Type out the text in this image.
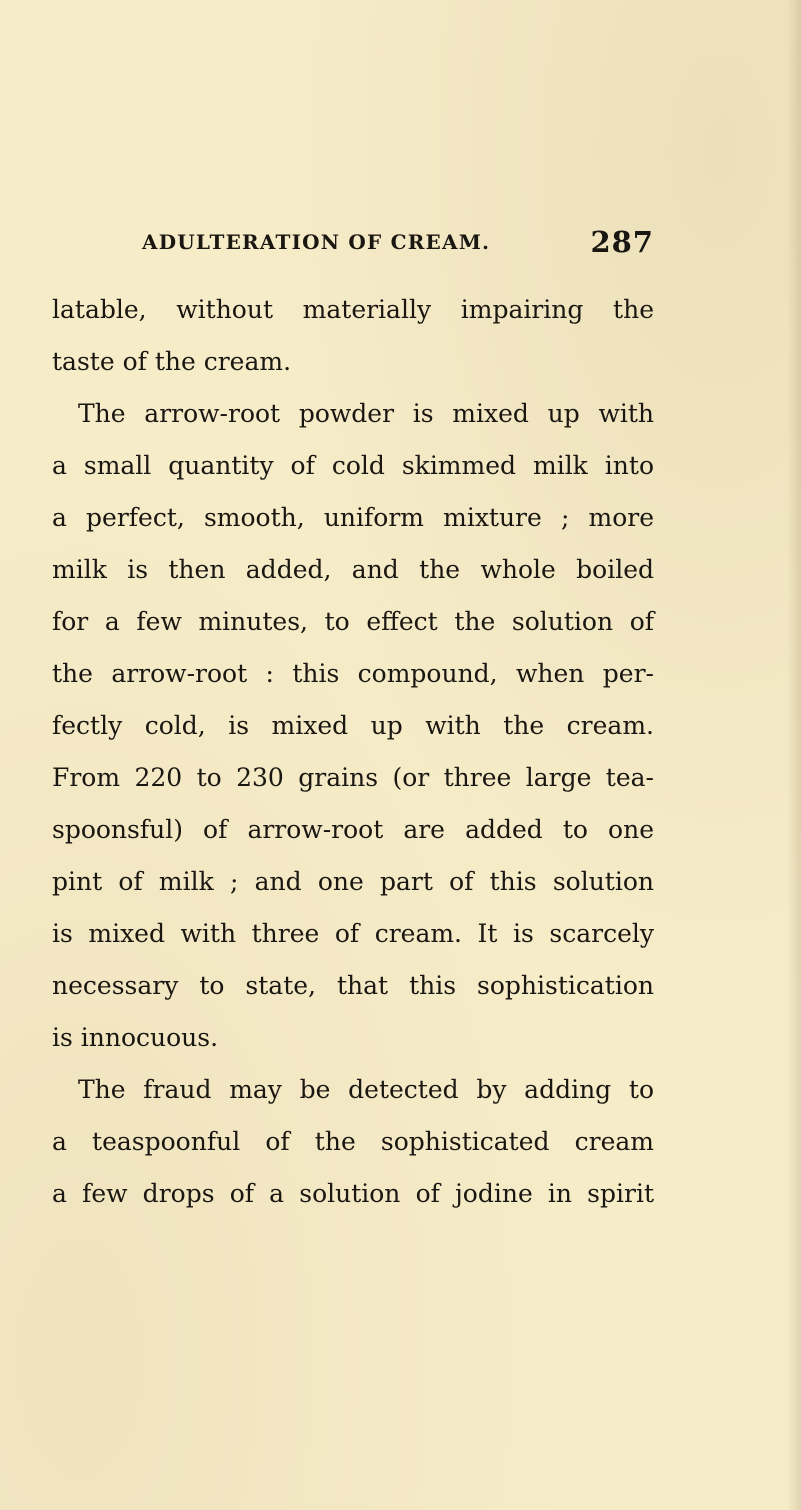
ADULTERATION OF CREAM.	287
latable, without materially impairing the
taste of the cream.
The arrow-root powder is mixed up with
a small quantity of cold skimmed milk into
a perfect, smooth, uniform mixture ; more
milk is then added, and the whole boiled
for a few minutes, to effect the solution of
the arrow-root : this compound, when per-
fectly cold, is mixed up with the cream.
From 220 to 230 grains (or three large tea-
spoonsful) of arrow-root are added to one
pint of milk ; and one part of this solution
is mixed with three of cream. It is scarcely
necessary to state, that this sophistication
is innocuous.
The fraud may be detected by adding to
a teaspoonful of the sophisticated cream
a few drops of a solution of jodine in spirit
